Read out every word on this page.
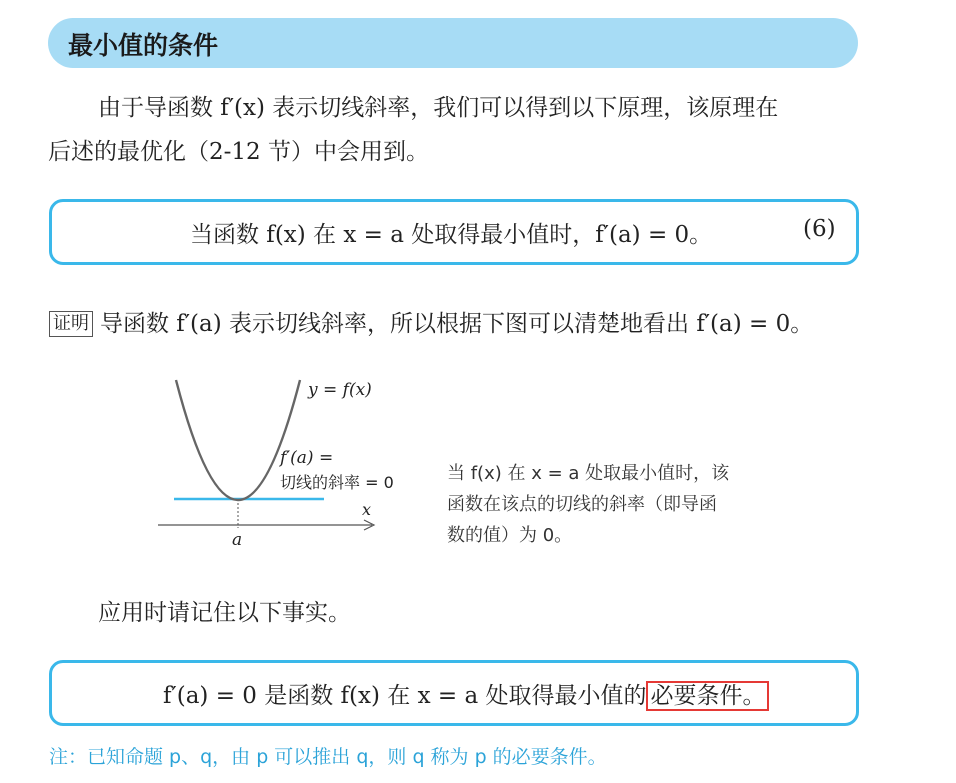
最小值的条件
由于导函数 f′(x) 表示切线斜率，我们可以得到以下原理，该原理在
后述的最优化（2-12 节）中会用到。
当函数 f(x) 在 x = a 处取得最小值时，f′(a) = 0。	(6)
证明 导函数 f′(a) 表示切线斜率，所以根据下图可以清楚地看出 f′(a) = 0。
y = f(x)
f′(a) =
切线的斜率 = 0
x
a
当 f(x) 在 x = a 处取最小值时，该
函数在该点的切线的斜率（即导函
数的值）为 0。
应用时请记住以下事实。
f′(a) = 0 是函数 f(x) 在 x = a 处取得最小值的 必要条件。
注：已知命题 p、q，由 p 可以推出 q，则 q 称为 p 的必要条件。
